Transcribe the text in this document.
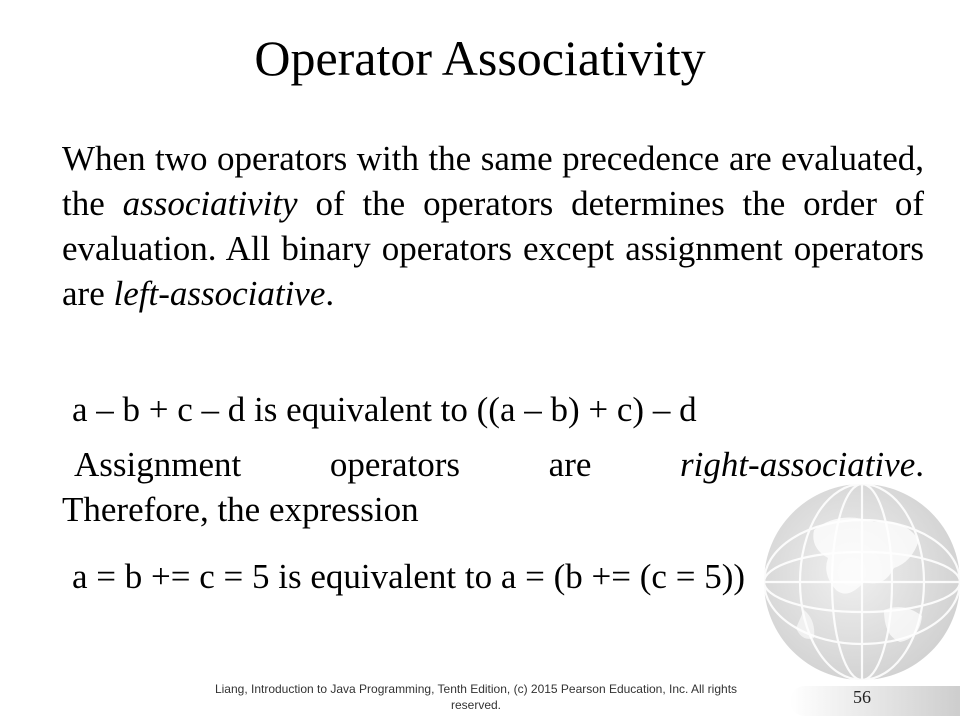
Operator Associativity
When two operators with the same precedence are evaluated, the associativity of the operators determines the order of evaluation. All binary operators except assignment operators are left-associative.
a – b + c – d is equivalent to ((a – b) + c) – d
Assignment	operators	are	right-associative.
Therefore, the expression
a = b += c = 5 is equivalent to a = (b += (c = 5))
Liang, Introduction to Java Programming, Tenth Edition, (c) 2015 Pearson Education, Inc. All rights reserved.	56
